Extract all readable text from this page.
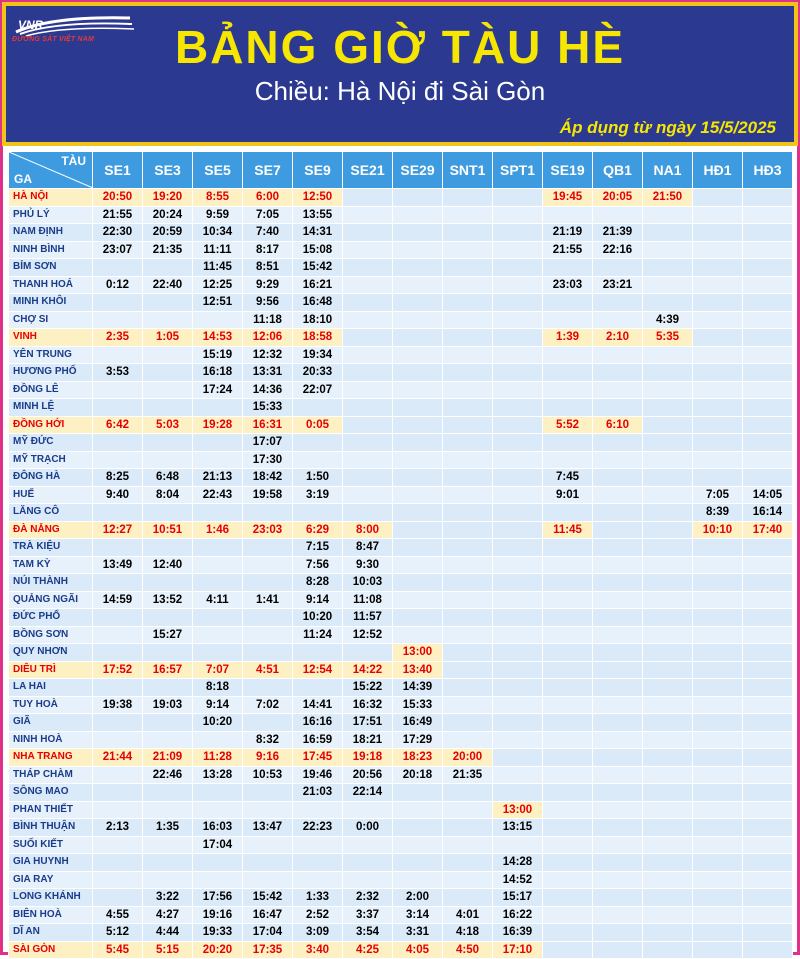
VNR
ĐƯỜNG SẮT VIỆT NAM	BẢNG GIỜ TÀU HÈ
Chiều: Hà Nội đi Sài Gòn
Áp dụng từ ngày 15/5/2025
TÀU
GA	SE1	SE3	SE5	SE7	SE9	SE21	SE29	SNT1	SPT1	SE19	QB1	NA1	HĐ1	HĐ3
HÀ NỘI	20:50	19:20	8:55	6:00	12:50					19:45	20:05	21:50		
PHỦ LÝ	21:55	20:24	9:59	7:05	13:55									
NAM ĐỊNH	22:30	20:59	10:34	7:40	14:31					21:19	21:39			
NINH BÌNH	23:07	21:35	11:11	8:17	15:08					21:55	22:16			
BỈM SƠN			11:45	8:51	15:42									
THANH HOÁ	0:12	22:40	12:25	9:29	16:21					23:03	23:21			
MINH KHÔI			12:51	9:56	16:48									
CHỢ SI				11:18	18:10							4:39		
VINH	2:35	1:05	14:53	12:06	18:58					1:39	2:10	5:35		
YÊN TRUNG			15:19	12:32	19:34									
HƯƠNG PHỐ	3:53		16:18	13:31	20:33									
ĐỒNG LÊ			17:24	14:36	22:07									
MINH LỆ				15:33										
ĐỒNG HỚI	6:42	5:03	19:28	16:31	0:05					5:52	6:10			
MỸ ĐỨC				17:07										
MỸ TRẠCH				17:30										
ĐÔNG HÀ	8:25	6:48	21:13	18:42	1:50					7:45				
HUẾ	9:40	8:04	22:43	19:58	3:19					9:01			7:05	14:05
LĂNG CÔ													8:39	16:14
ĐÀ NẴNG	12:27	10:51	1:46	23:03	6:29	8:00				11:45			10:10	17:40
TRÀ KIỆU					7:15	8:47								
TAM KỲ	13:49	12:40			7:56	9:30								
NÚI THÀNH					8:28	10:03								
QUẢNG NGÃI	14:59	13:52	4:11	1:41	9:14	11:08								
ĐỨC PHỔ					10:20	11:57								
BỒNG SƠN		15:27			11:24	12:52								
QUY NHƠN							13:00							
DIÊU TRÌ	17:52	16:57	7:07	4:51	12:54	14:22	13:40							
LA HAI			8:18			15:22	14:39							
TUY HOÀ	19:38	19:03	9:14	7:02	14:41	16:32	15:33							
GIÃ			10:20		16:16	17:51	16:49							
NINH HOÀ				8:32	16:59	18:21	17:29							
NHA TRANG	21:44	21:09	11:28	9:16	17:45	19:18	18:23	20:00						
THÁP CHÀM		22:46	13:28	10:53	19:46	20:56	20:18	21:35						
SÔNG MAO					21:03	22:14								
PHAN THIẾT									13:00					
BÌNH THUẬN	2:13	1:35	16:03	13:47	22:23	0:00			13:15					
SUỐI KIẾT			17:04											
GIA HUYNH									14:28					
GIA RAY									14:52					
LONG KHÁNH		3:22	17:56	15:42	1:33	2:32	2:00		15:17					
BIÊN HOÀ	4:55	4:27	19:16	16:47	2:52	3:37	3:14	4:01	16:22					
DĨ AN	5:12	4:44	19:33	17:04	3:09	3:54	3:31	4:18	16:39					
SÀI GÒN	5:45	5:15	20:20	17:35	3:40	4:25	4:05	4:50	17:10					
